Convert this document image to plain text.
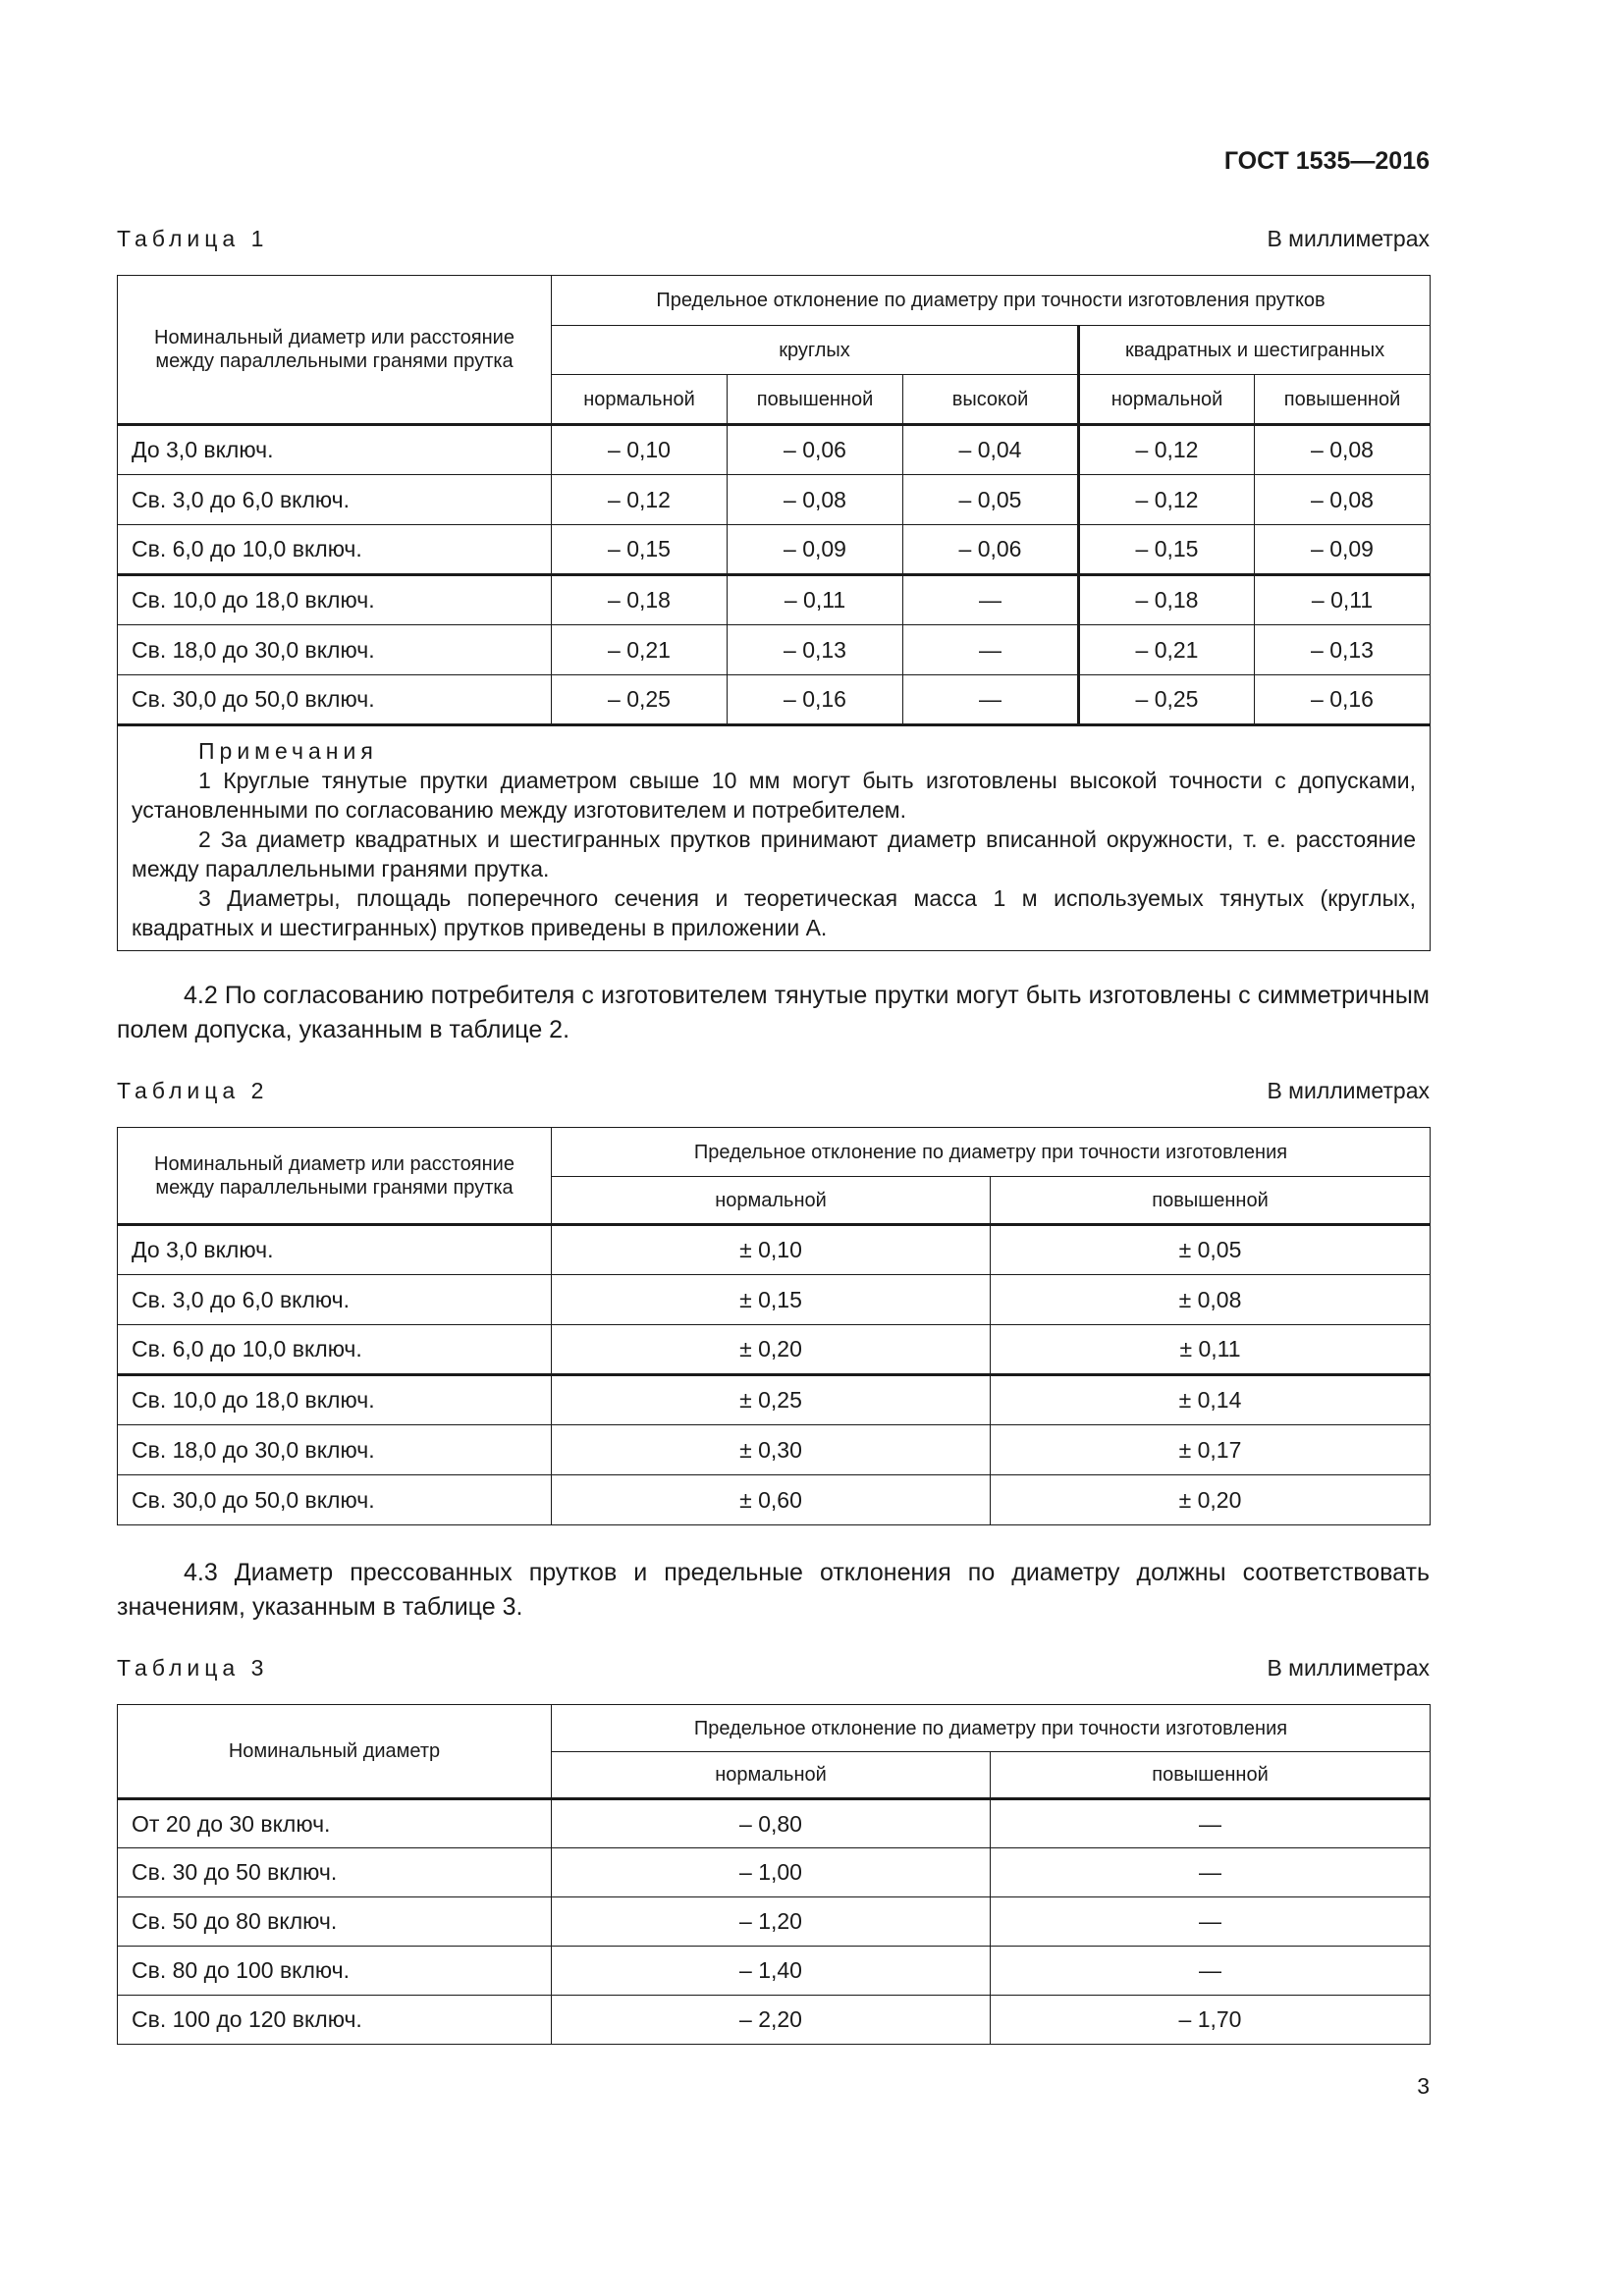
ГОСТ 1535—2016
Таблица 1	В миллиметрах
Номинальный диаметр или расстояние между параллельными гранями прутка	Предельное отклонение по диаметру при точности изготовления прутков				
	круглых			квадратных и шестигранных	
	нормальной	повышенной	высокой	нормальной	повышенной
До 3,0 включ.	– 0,10	– 0,06	– 0,04	– 0,12	– 0,08
Св. 3,0 до 6,0 включ.	– 0,12	– 0,08	– 0,05	– 0,12	– 0,08
Св. 6,0 до 10,0 включ.	– 0,15	– 0,09	– 0,06	– 0,15	– 0,09
Св. 10,0 до 18,0 включ.	– 0,18	– 0,11	—	– 0,18	– 0,11
Св. 18,0 до 30,0 включ.	– 0,21	– 0,13	—	– 0,21	– 0,13
Св. 30,0 до 50,0 включ.	– 0,25	– 0,16	—	– 0,25	– 0,16

Примечания
1 Круглые тянутые прутки диаметром свыше 10 мм могут быть изготовлены высокой точности с допусками, установленными по согласованию между изготовителем и потребителем.
2 За диаметр квадратных и шестигранных прутков принимают диаметр вписанной окружности, т. е. расстояние между параллельными гранями прутка.
3 Диаметры, площадь поперечного сечения и теоретическая масса 1 м используемых тянутых (круглых, квадратных и шестигранных) прутков приведены в приложении А.					
4.2 По согласованию потребителя с изготовителем тянутые прутки могут быть изготовлены с симметричным полем допуска, указанным в таблице 2.
Таблица 2	В миллиметрах
Номинальный диаметр или расстояние между параллельными гранями прутка	Предельное отклонение по диаметру при точности изготовления	
	нормальной	повышенной
До 3,0 включ.	± 0,10	± 0,05
Св. 3,0 до 6,0 включ.	± 0,15	± 0,08
Св. 6,0 до 10,0 включ.	± 0,20	± 0,11
Св. 10,0 до 18,0 включ.	± 0,25	± 0,14
Св. 18,0 до 30,0 включ.	± 0,30	± 0,17
Св. 30,0 до 50,0 включ.	± 0,60	± 0,20
4.3 Диаметр прессованных прутков и предельные отклонения по диаметру должны соответствовать значениям, указанным в таблице 3.
Таблица 3	В миллиметрах
Номинальный диаметр	Предельное отклонение по диаметру при точности изготовления	
	нормальной	повышенной
От 20 до 30 включ.	– 0,80	—
Св. 30 до 50 включ.	– 1,00	—
Св. 50 до 80 включ.	– 1,20	—
Св. 80 до 100 включ.	– 1,40	—
Св. 100 до 120 включ.	– 2,20	– 1,70
3
